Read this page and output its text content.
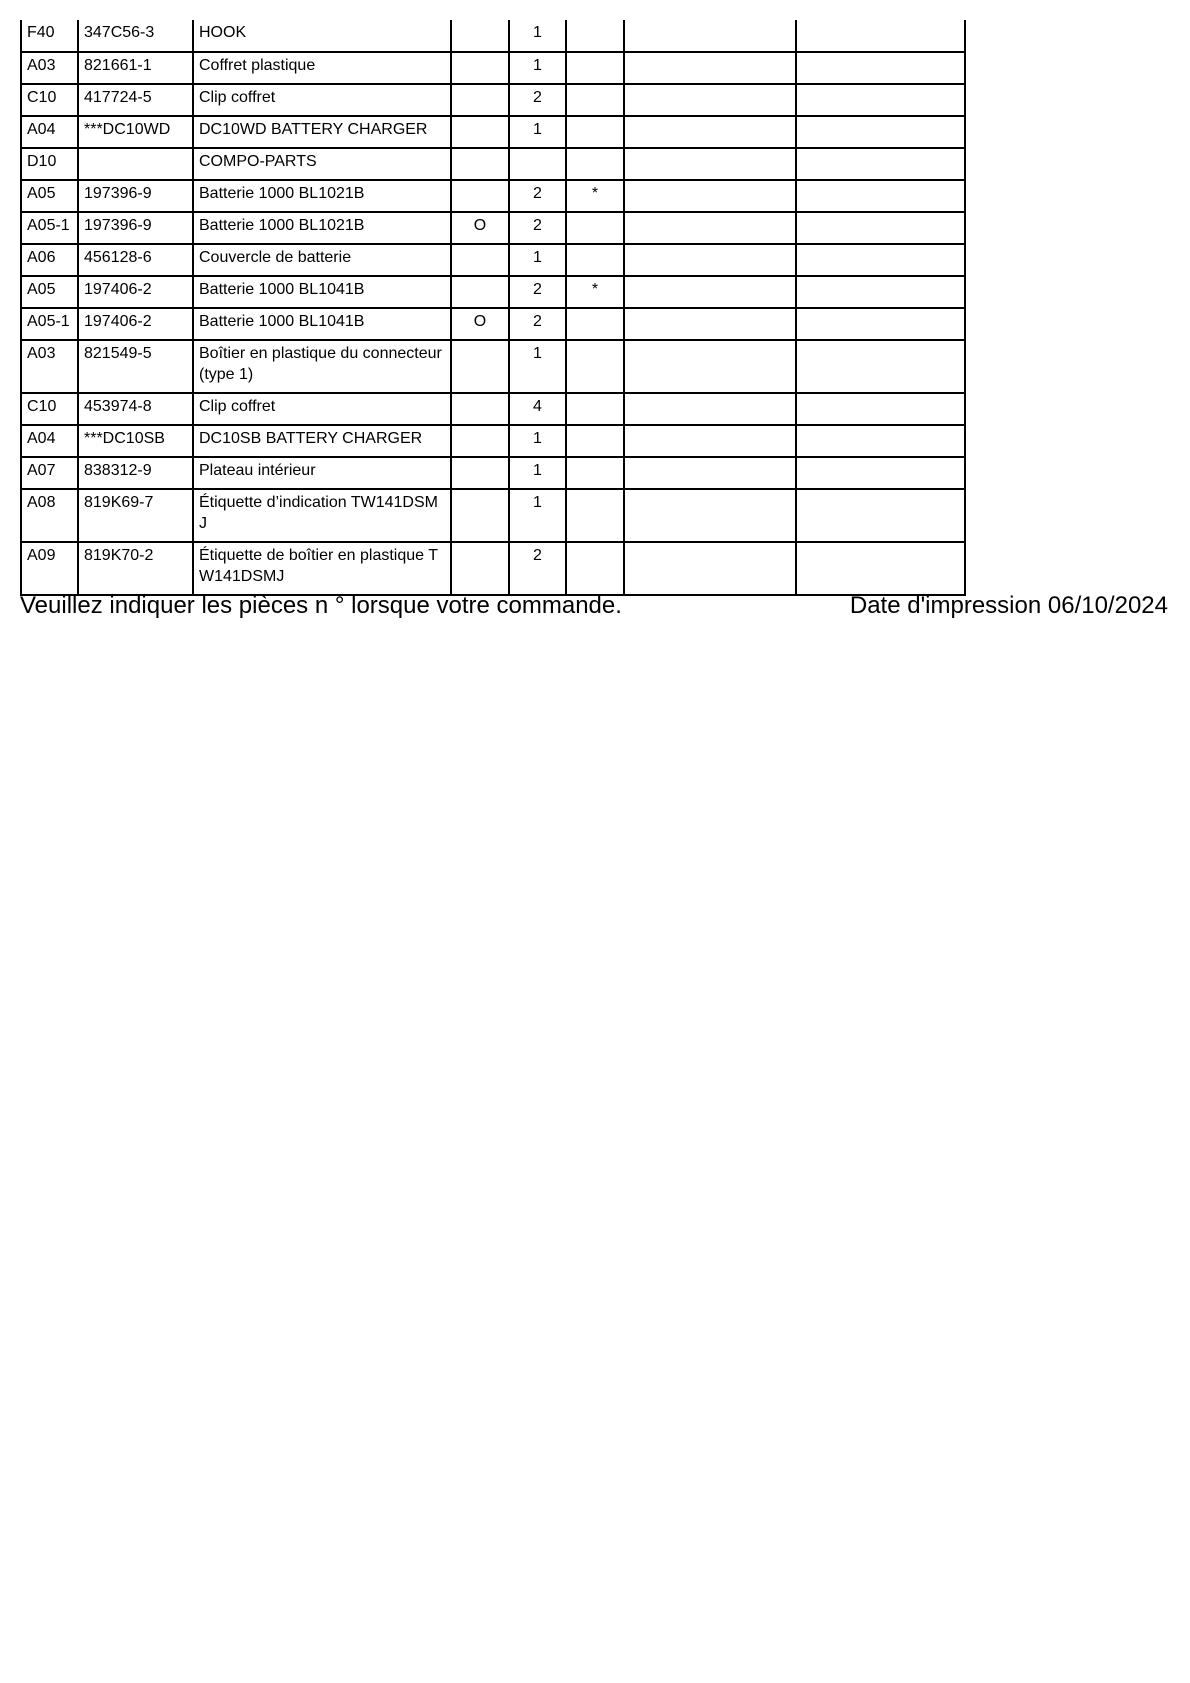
F40	347C56-3	HOOK		1			
A03	821661-1	Coffret plastique		1			
C10	417724-5	Clip coffret		2			
A04	***DC10WD	DC10WD BATTERY CHARGER		1			
D10		COMPO-PARTS					
A05	197396-9	Batterie 1000 BL1021B		2	*		
A05-1	197396-9	Batterie 1000 BL1021B	O	2			
A06	456128-6	Couvercle de batterie		1			
A05	197406-2	Batterie 1000 BL1041B		2	*		
A05-1	197406-2	Batterie 1000 BL1041B	O	2			
A03	821549-5	Boîtier en plastique du connecteur (type 1)		1			
C10	453974-8	Clip coffret		4			
A04	***DC10SB	DC10SB BATTERY CHARGER		1			
A07	838312-9	Plateau intérieur		1			
A08	819K69-7	Étiquette d’indication TW141DSMJ		1			
A09	819K70-2	Étiquette de boîtier en plastique TW141DSMJ		2			
Veuillez indiquer les pièces n ° lorsque votre commande.	Date d'impression 06/10/2024
